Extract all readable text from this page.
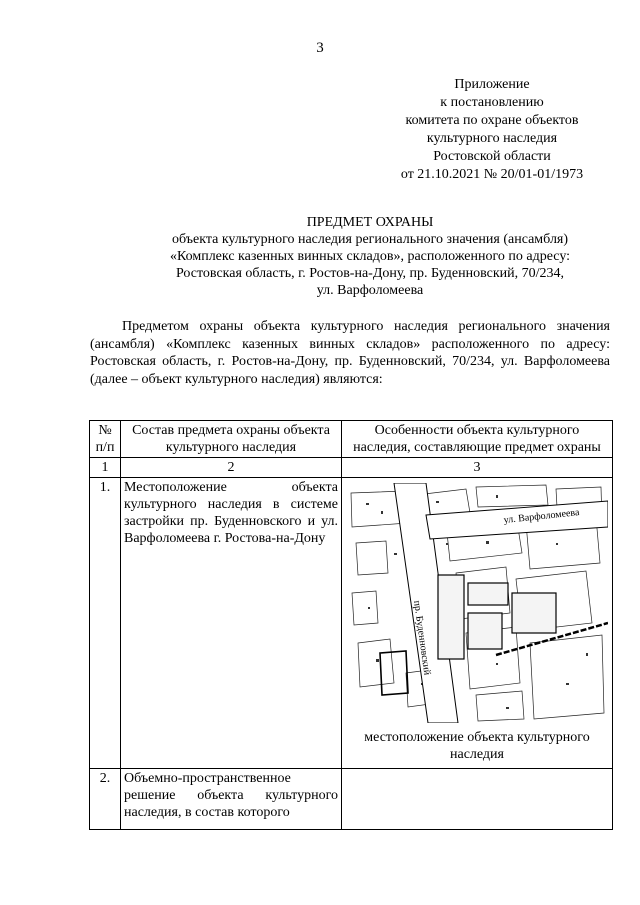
3
Приложение
к постановлению
комитета по охране объектов
культурного наследия
Ростовской области
от 21.10.2021 № 20/01-01/1973
ПРЕДМЕТ ОХРАНЫ
объекта культурного наследия регионального значения (ансамбля)
«Комплекс казенных винных складов», расположенного по адресу:
Ростовская область, г. Ростов-на-Дону, пр. Буденновский, 70/234,
ул. Варфоломеева

Предметом охраны объекта культурного наследия регионального значения (ансамбля) «Комплекс казенных винных складов» расположенного по адресу: Ростовская область, г. Ростов-на-Дону, пр. Буденновский, 70/234, ул. Варфоломеева (далее – объект культурного наследия) являются:

№ п/п	Состав предмета охраны объекта культурного наследия	Особенности объекта культурного наследия, составляющие предмет охраны
1	2	3
1.	Местоположение объекта культурного наследия в системе застройки пр. Буденновского и ул. Варфоломеева г. Ростова-на-Дону	ул. Варфоломеева
пр. Буденновский
местоположение объекта культурного наследия

2.	Объемно-пространственное решение объекта культурного наследия, в состав которого	
